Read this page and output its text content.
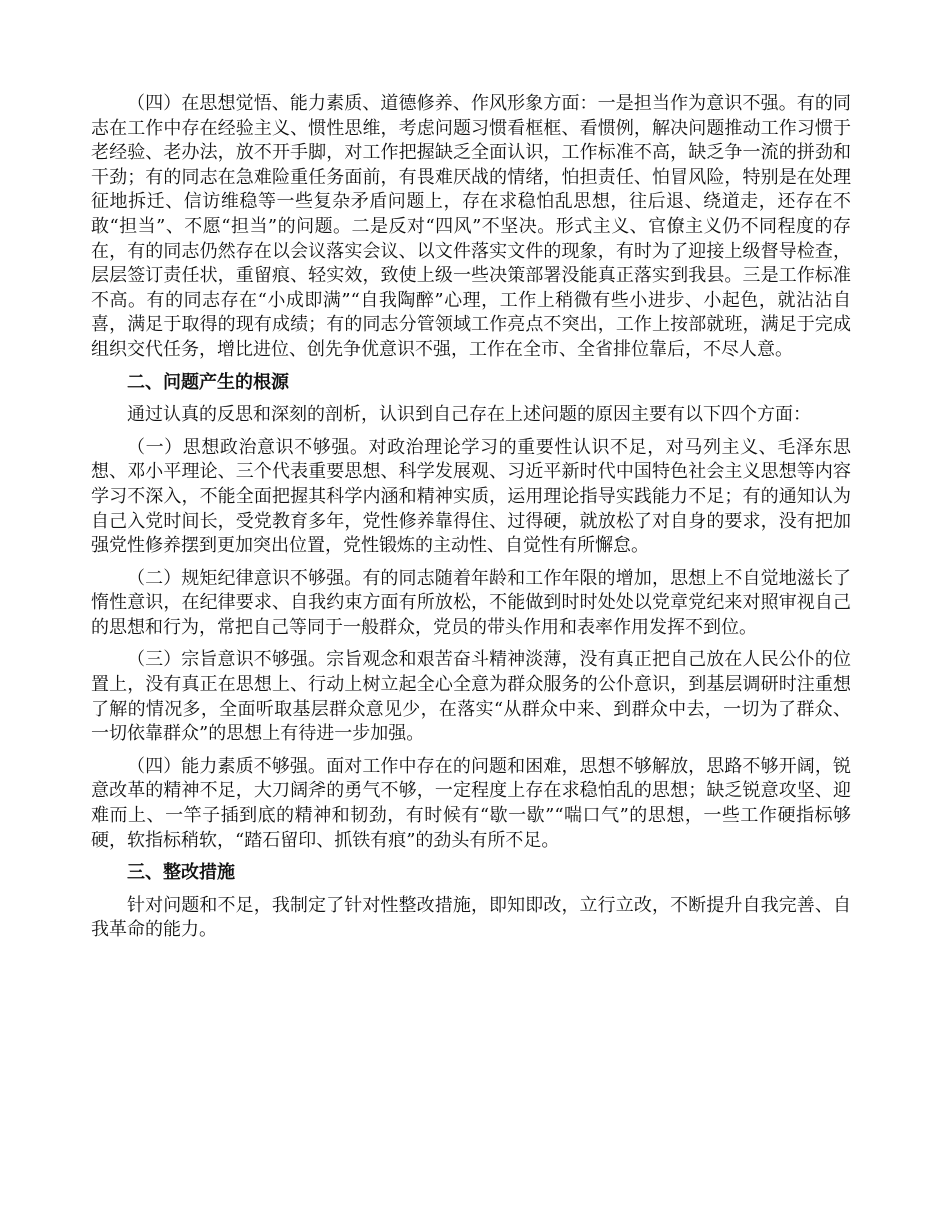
（四）在思想觉悟、能力素质、道德修养、作风形象方面：一是担当作为意识不强。有的同志在工作中存在经验主义、惯性思维，考虑问题习惯看框框、看惯例，解决问题推动工作习惯于老经验、老办法，放不开手脚，对工作把握缺乏全面认识，工作标准不高，缺乏争一流的拼劲和干劲；有的同志在急难险重任务面前，有畏难厌战的情绪，怕担责任、怕冒风险，特别是在处理征地拆迁、信访维稳等一些复杂矛盾问题上，存在求稳怕乱思想，往后退、绕道走，还存在不敢“担当”、不愿“担当”的问题。二是反对“四风”不坚决。形式主义、官僚主义仍不同程度的存在，有的同志仍然存在以会议落实会议、以文件落实文件的现象，有时为了迎接上级督导检查，层层签订责任状，重留痕、轻实效，致使上级一些决策部署没能真正落实到我县。三是工作标准不高。有的同志存在“小成即满”“自我陶醉”心理，工作上稍微有些小进步、小起色，就沾沾自喜，满足于取得的现有成绩；有的同志分管领域工作亮点不突出，工作上按部就班，满足于完成组织交代任务，增比进位、创先争优意识不强，工作在全市、全省排位靠后，不尽人意。

二、问题产生的根源

通过认真的反思和深刻的剖析，认识到自己存在上述问题的原因主要有以下四个方面：

（一）思想政治意识不够强。对政治理论学习的重要性认识不足，对马列主义、毛泽东思想、邓小平理论、三个代表重要思想、科学发展观、习近平新时代中国特色社会主义思想等内容学习不深入，不能全面把握其科学内涵和精神实质，运用理论指导实践能力不足；有的通知认为自己入党时间长，受党教育多年，党性修养靠得住、过得硬，就放松了对自身的要求，没有把加强党性修养摆到更加突出位置，党性锻炼的主动性、自觉性有所懈怠。

（二）规矩纪律意识不够强。有的同志随着年龄和工作年限的增加，思想上不自觉地滋长了惰性意识，在纪律要求、自我约束方面有所放松，不能做到时时处处以党章党纪来对照审视自己的思想和行为，常把自己等同于一般群众，党员的带头作用和表率作用发挥不到位。

（三）宗旨意识不够强。宗旨观念和艰苦奋斗精神淡薄，没有真正把自己放在人民公仆的位置上，没有真正在思想上、行动上树立起全心全意为群众服务的公仆意识，到基层调研时注重想了解的情况多，全面听取基层群众意见少，在落实“从群众中来、到群众中去，一切为了群众、一切依靠群众”的思想上有待进一步加强。

（四）能力素质不够强。面对工作中存在的问题和困难，思想不够解放，思路不够开阔，锐意改革的精神不足，大刀阔斧的勇气不够，一定程度上存在求稳怕乱的思想；缺乏锐意攻坚、迎难而上、一竿子插到底的精神和韧劲，有时候有“歇一歇”“喘口气”的思想，一些工作硬指标够硬，软指标稍软，“踏石留印、抓铁有痕”的劲头有所不足。

三、整改措施

针对问题和不足，我制定了针对性整改措施，即知即改，立行立改，不断提升自我完善、自我革命的能力。
